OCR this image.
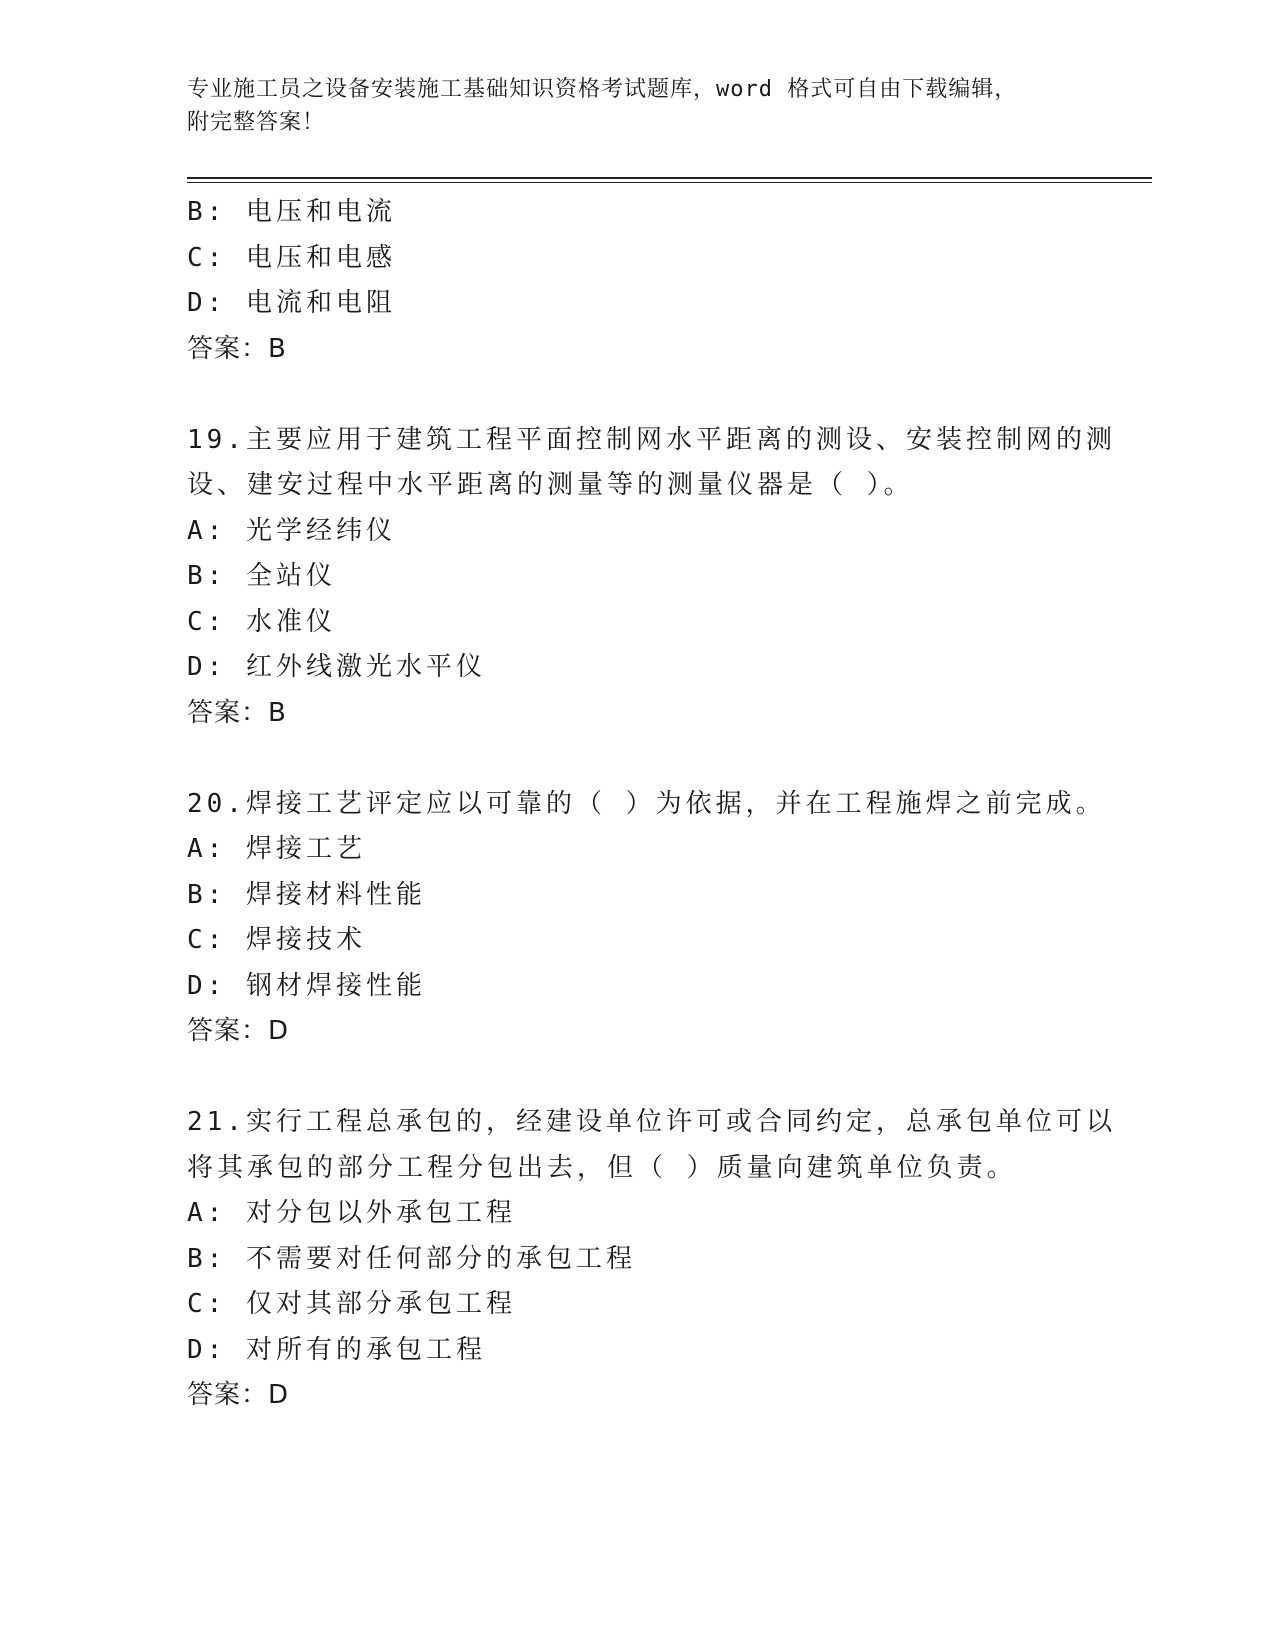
专业施工员之设备安装施工基础知识资格考试题库，word 格式可自由下载编辑，
附完整答案！
B: 电压和电流
C: 电压和电感
D: 电流和电阻
答案：B
19.主要应用于建筑工程平面控制网水平距离的测设、安装控制网的测
设、建安过程中水平距离的测量等的测量仪器是（ ）。
A: 光学经纬仪
B: 全站仪
C: 水准仪
D: 红外线激光水平仪
答案：B
20.焊接工艺评定应以可靠的（ ）为依据，并在工程施焊之前完成。
A: 焊接工艺
B: 焊接材料性能
C: 焊接技术
D: 钢材焊接性能
答案：D
21.实行工程总承包的，经建设单位许可或合同约定，总承包单位可以
将其承包的部分工程分包出去，但（ ）质量向建筑单位负责。
A: 对分包以外承包工程
B: 不需要对任何部分的承包工程
C: 仅对其部分承包工程
D: 对所有的承包工程
答案：D
